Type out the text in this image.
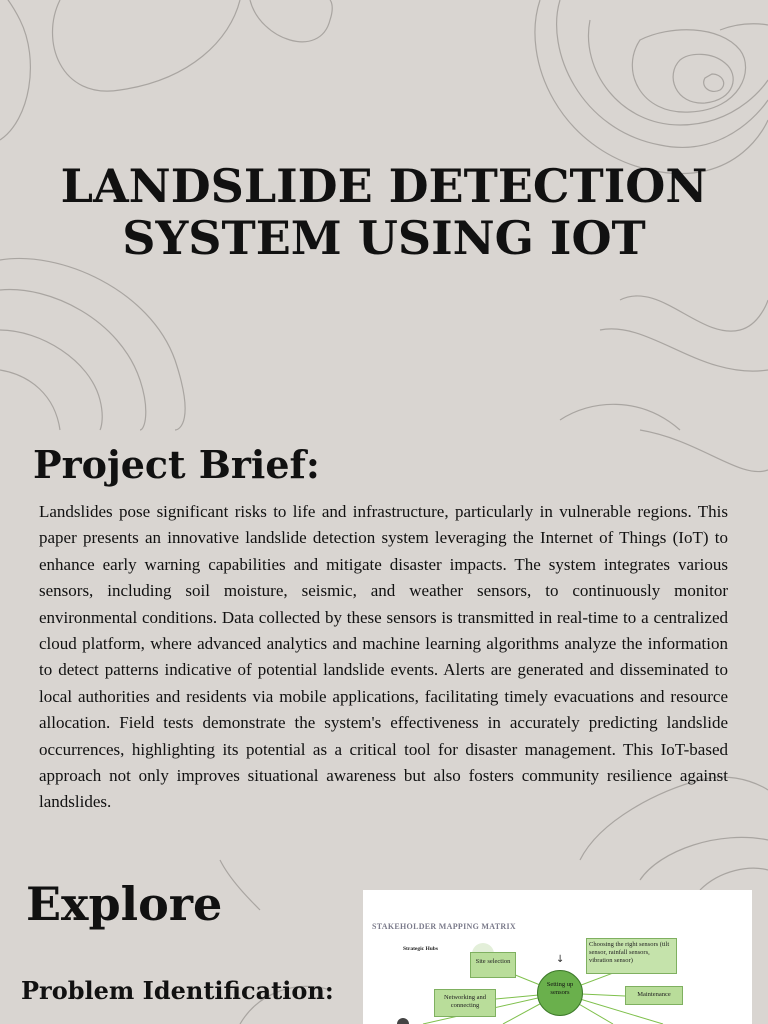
LANDSLIDE DETECTION
SYSTEM USING IOT
Project Brief:

Landslides pose significant risks to life and infrastructure, particularly in vulnerable regions. This paper presents an innovative landslide detection system leveraging the Internet of Things (IoT) to enhance early warning capabilities and mitigate disaster impacts. The system integrates various sensors, including soil moisture, seismic, and weather sensors, to continuously monitor environmental conditions. Data collected by these sensors is transmitted in real-time to a centralized cloud platform, where advanced analytics and machine learning algorithms analyze the information to detect patterns indicative of potential landslide events. Alerts are generated and disseminated to local authorities and residents via mobile applications, facilitating timely evacuations and resource allocation. Field tests demonstrate the system's effectiveness in accurately predicting landslide occurrences, highlighting its potential as a critical tool for disaster management. This IoT-based approach not only improves situational awareness but also fosters community resilience against landslides.

Explore
Problem Identification:
STAKEHOLDER MAPPING MATRIX
Strategic Hubs
Site selection
Choosing the right sensors (tilt sensor, rainfall sensors, vibration sensor)
Networking and connecting
Maintenance
↓
Setting up sensors
